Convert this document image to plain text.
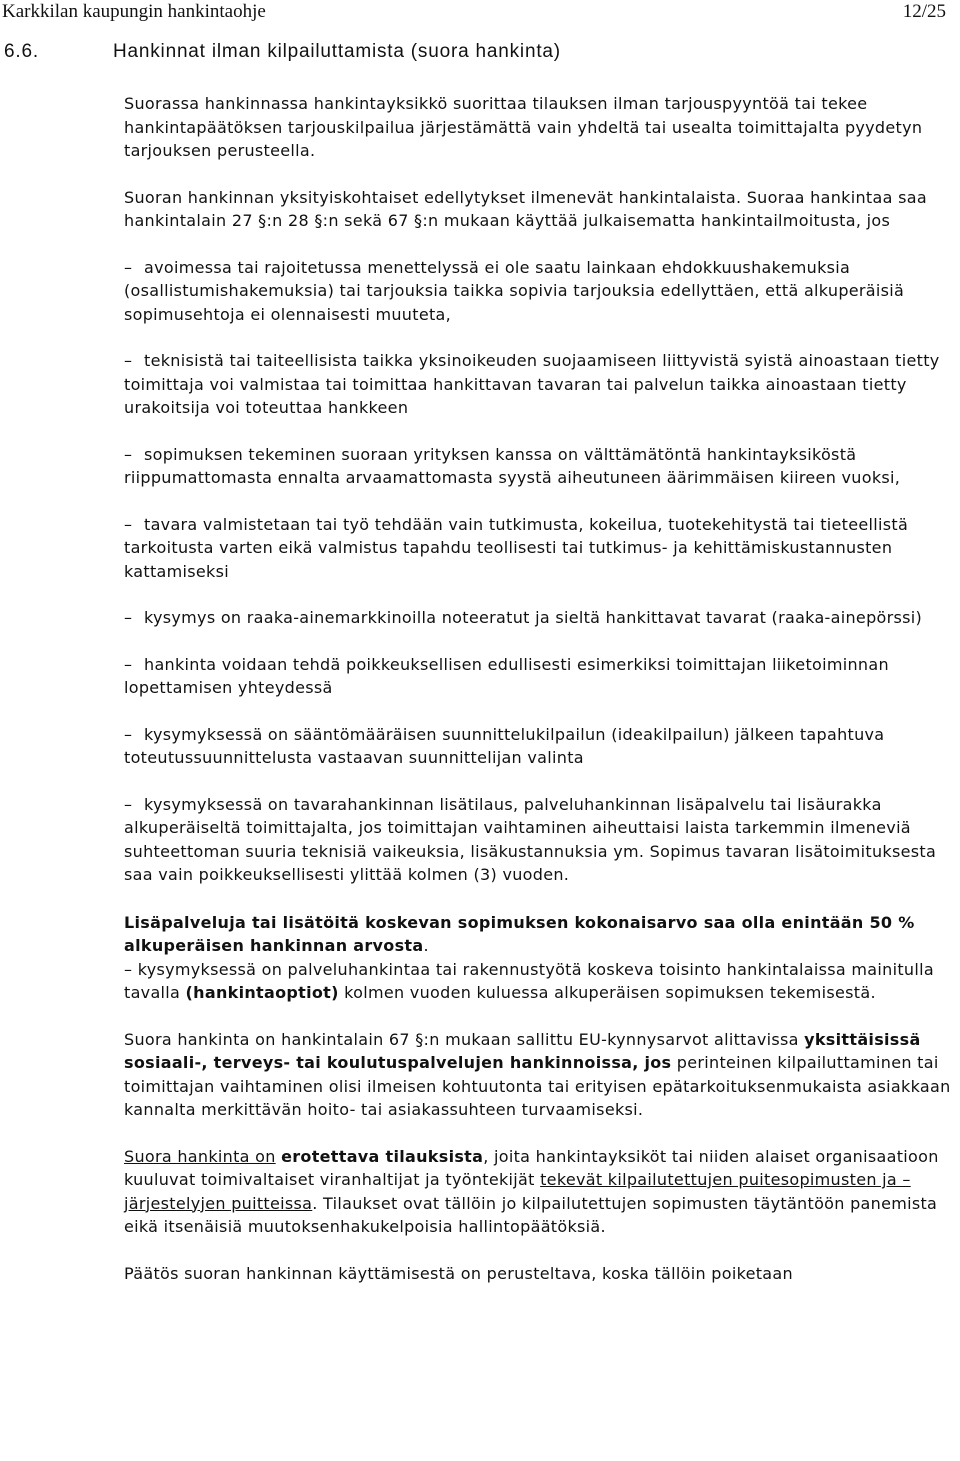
Karkkilan kaupungin hankintaohje	12/25
6.6.	Hankinnat ilman kilpailuttamista (suora hankinta)

Suorassa hankinnassa hankintayksikkö suorittaa tilauksen ilman tarjouspyyntöä tai tekee hankintapäätöksen tarjouskilpailua järjestämättä vain yhdeltä tai usealta toimittajalta pyydetyn tarjouksen perusteella.

Suoran hankinnan yksityiskohtaiset edellytykset ilmenevät hankintalaista. Suoraa hankintaa saa hankintalain 27 §:n 28 §:n sekä 67 §:n mukaan käyttää julkaisematta hankintailmoitusta, jos

– avoimessa tai rajoitetussa menettelyssä ei ole saatu lainkaan ehdokkuushakemuksia (osallistumishakemuksia) tai tarjouksia taikka sopivia tarjouksia edellyttäen, että alkuperäisiä sopimusehtoja ei olennaisesti muuteta,

– teknisistä tai taiteellisista taikka yksinoikeuden suojaamiseen liittyvistä syistä ainoastaan tietty toimittaja voi valmistaa tai toimittaa hankittavan tavaran tai palvelun taikka ainoastaan tietty urakoitsija voi toteuttaa hankkeen

– sopimuksen tekeminen suoraan yrityksen kanssa on välttämätöntä hankintayksiköstä riippumattomasta ennalta arvaamattomasta syystä aiheutuneen äärimmäisen kiireen vuoksi,

– tavara valmistetaan tai työ tehdään vain tutkimusta, kokeilua, tuotekehitystä tai tieteellistä tarkoitusta varten eikä valmistus tapahdu teollisesti tai tutkimus- ja kehittämiskustannusten kattamiseksi

– kysymys on raaka-ainemarkkinoilla noteeratut ja sieltä hankittavat tavarat (raaka-ainepörssi)

– hankinta voidaan tehdä poikkeuksellisen edullisesti esimerkiksi toimittajan liiketoiminnan lopettamisen yhteydessä

– kysymyksessä on sääntömääräisen suunnittelukilpailun (ideakilpailun) jälkeen tapahtuva toteutussuunnittelusta vastaavan suunnittelijan valinta

– kysymyksessä on tavarahankinnan lisätilaus, palveluhankinnan lisäpalvelu tai lisäurakka alkuperäiseltä toimittajalta, jos toimittajan vaihtaminen aiheuttaisi laista tarkemmin ilmeneviä suhteettoman suuria teknisiä vaikeuksia, lisäkustannuksia ym. Sopimus tavaran lisätoimituksesta saa vain poikkeuksellisesti ylittää kolmen (3) vuoden.

Lisäpalveluja tai lisätöitä koskevan sopimuksen kokonaisarvo saa olla enintään 50 % alkuperäisen hankinnan arvosta.
– kysymyksessä on palveluhankintaa tai rakennustyötä koskeva toisinto hankintalaissa mainitulla tavalla (hankintaoptiot) kolmen vuoden kuluessa alkuperäisen sopimuksen tekemisestä.

Suora hankinta on hankintalain 67 §:n mukaan sallittu EU-kynnysarvot alittavissa yksittäisissä sosiaali-, terveys- tai koulutuspalvelujen hankinnoissa, jos perinteinen kilpailuttaminen tai toimittajan vaihtaminen olisi ilmeisen kohtuutonta tai erityisen epätarkoituksenmukaista asiakkaan kannalta merkittävän hoito- tai asiakassuhteen turvaamiseksi.

Suora hankinta on erotettava tilauksista, joita hankintayksiköt tai niiden alaiset organisaatioon kuuluvat toimivaltaiset viranhaltijat ja työntekijät tekevät kilpailutettujen puitesopimusten ja – järjestelyjen puitteissa. Tilaukset ovat tällöin jo kilpailutettujen sopimusten täytäntöön panemista eikä itsenäisiä muutoksenhakukelpoisia hallintopäätöksiä.

Päätös suoran hankinnan käyttämisestä on perusteltava, koska tällöin poiketaan
